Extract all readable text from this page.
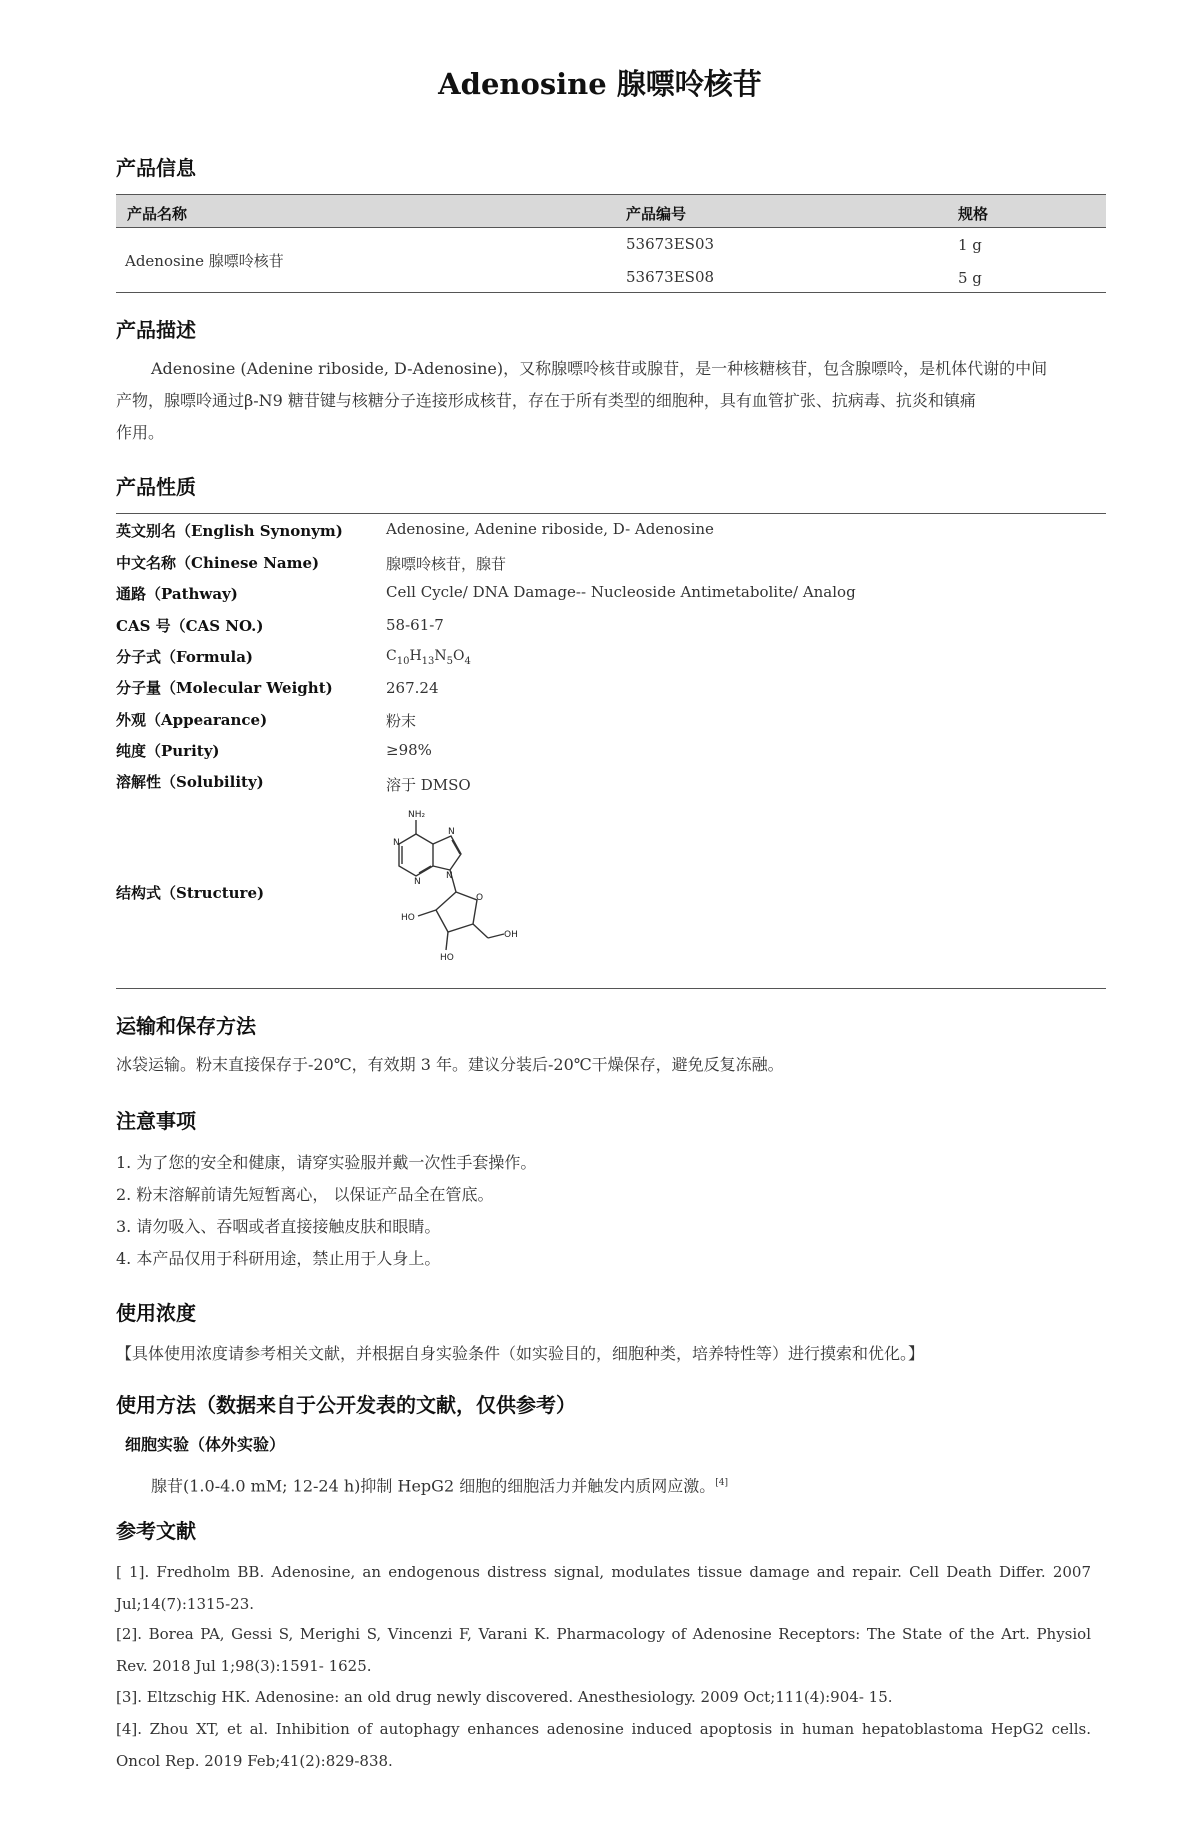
Adenosine 腺嘌呤核苷
产品信息
产品名称	产品编号	规格
Adenosine 腺嘌呤核苷
53673ES03	1 g
53673ES08	5 g
产品描述
Adenosine (Adenine riboside, D-Adenosine)，又称腺嘌呤核苷或腺苷，是一种核糖核苷，包含腺嘌呤，是机体代谢的中间
产物，腺嘌呤通过β-N9 糖苷键与核糖分子连接形成核苷，存在于所有类型的细胞种，具有血管扩张、抗病毒、抗炎和镇痛
作用。
产品性质
英文别名（English Synonym)	Adenosine, Adenine riboside, D- Adenosine
中文名称（Chinese Name)	腺嘌呤核苷，腺苷
通路（Pathway)	Cell Cycle/ DNA Damage-- Nucleoside Antimetabolite/ Analog
CAS 号（CAS NO.)	58-61-7
分子式（Formula)	$C_{10}H_{13}N_5O_4$
分子量（Molecular Weight)	267.24
外观（Appearance)	粉末
纯度（Purity)	≥98%
溶解性（Solubility)	溶于 DMSO
结构式（Structure)
NH₂
N
N
N
N
O
HO
HO
OH
运输和保存方法
冰袋运输。粉末直接保存于-20℃，有效期 3 年。建议分装后-20℃干燥保存，避免反复冻融。
注意事项
1. 为了您的安全和健康，请穿实验服并戴一次性手套操作。
2. 粉末溶解前请先短暂离心， 以保证产品全在管底。
3. 请勿吸入、吞咽或者直接接触皮肤和眼睛。
4. 本产品仅用于科研用途，禁止用于人身上。
使用浓度
【具体使用浓度请参考相关文献，并根据自身实验条件（如实验目的，细胞种类，培养特性等）进行摸索和优化。】
使用方法（数据来自于公开发表的文献，仅供参考）
细胞实验（体外实验）
腺苷(1.0-4.0 mM; 12-24 h)抑制 HepG2 细胞的细胞活力并触发内质网应激。[4]
参考文献
[ 1]. Fredholm BB. Adenosine, an endogenous distress signal, modulates tissue damage and repair. Cell Death Differ. 2007 Jul;14(7):1315-23.
[2]. Borea PA, Gessi S, Merighi S, Vincenzi F, Varani K. Pharmacology of Adenosine Receptors: The State of the Art. Physiol Rev. 2018 Jul 1;98(3):1591- 1625.
[3]. Eltzschig HK. Adenosine: an old drug newly discovered. Anesthesiology. 2009 Oct;111(4):904- 15.
[4]. Zhou XT, et al. Inhibition of autophagy enhances adenosine induced apoptosis in human hepatoblastoma HepG2 cells. Oncol Rep. 2019 Feb;41(2):829-838.
